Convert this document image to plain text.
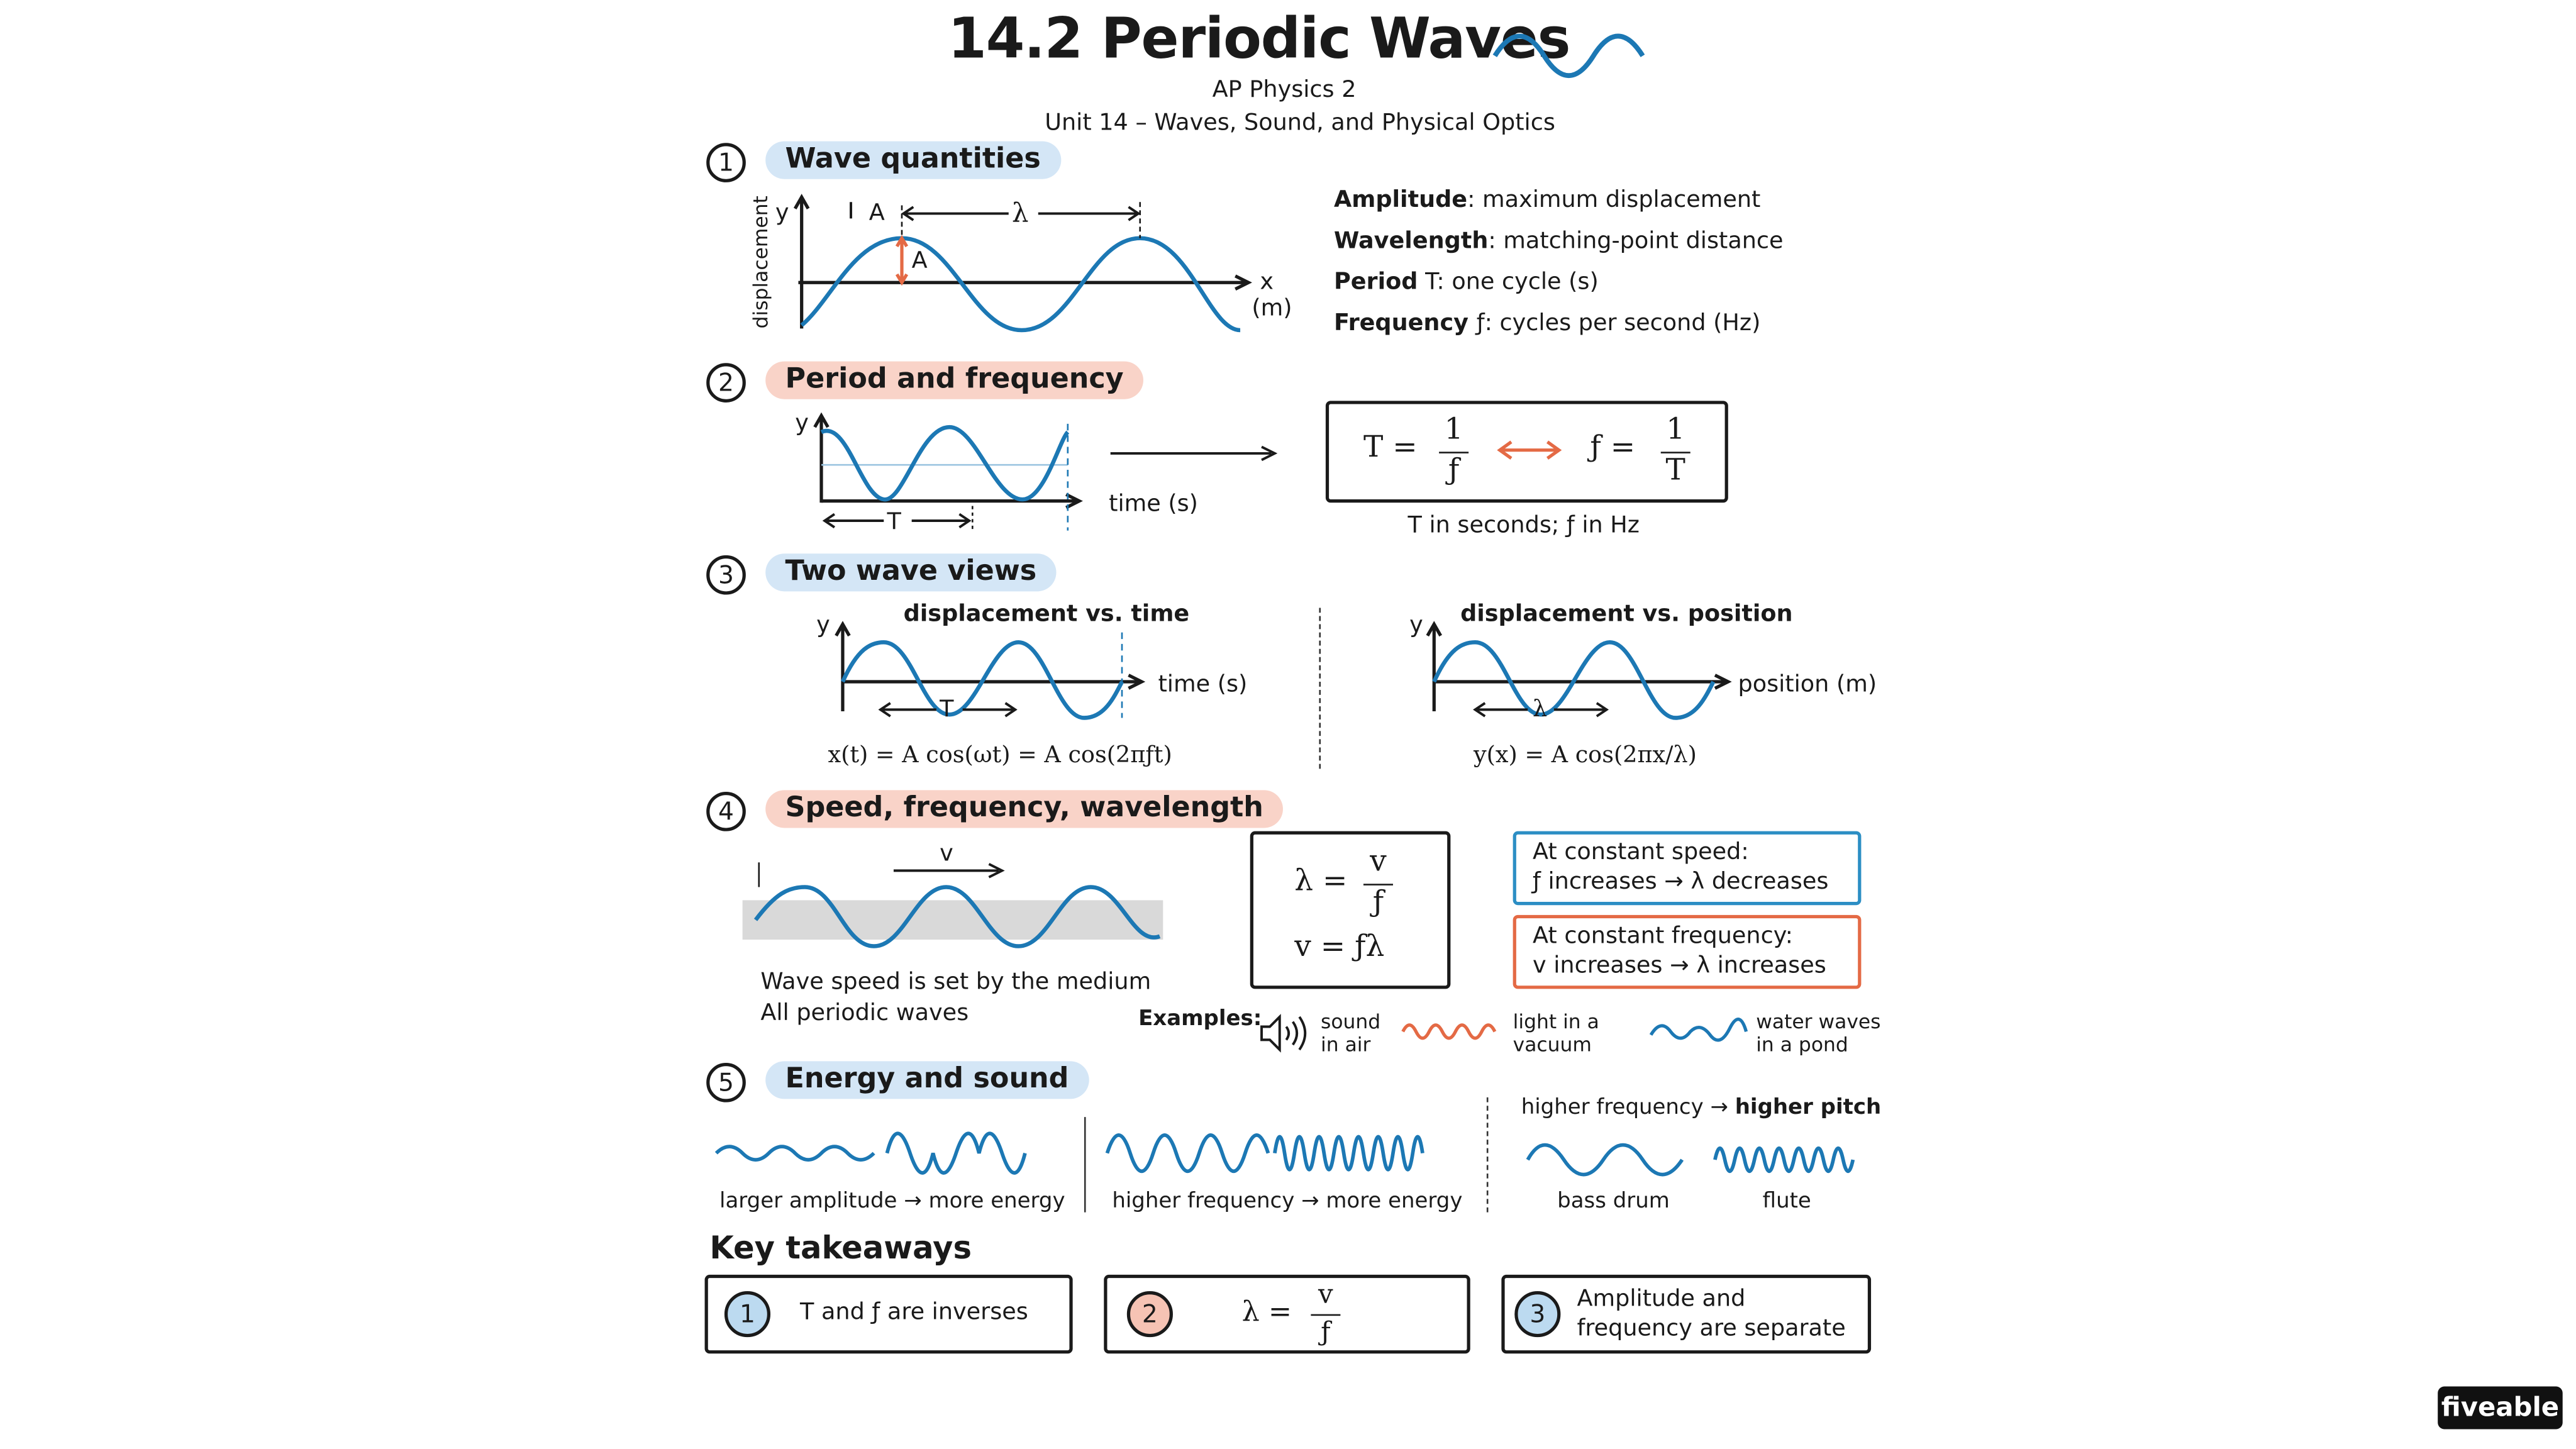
14.2 Periodic Waves
AP Physics 2
Unit 14 – Waves, Sound, and Physical Optics
1	Wave quantities
displacement y	A
A
λ
x
(m)
Amplitude: maximum displacement
Wavelength: matching-point distance
Period T: one cycle (s)
Frequency ƒ: cycles per second (Hz)
2	Period and frequency
y
T
time (s)
T =
1
ƒ
ƒ =
1
T
T in seconds; ƒ in Hz
3	Two wave views
displacement vs. time
y
T
time (s)
x(t) = A cos(ωt) = A cos(2πƒt)
displacement vs. position
y
λ
position (m)
y(x) = A cos(2πx/λ)
4	Speed, frequency, wavelength
v
Wave speed is set by the medium
All periodic waves
λ =
v
ƒ
v = ƒλ
At constant speed:
ƒ increases → λ decreases
At constant frequency:
v increases → λ increases
Examples:	sound in air
light in a vacuum
water waves in a pond
5	Energy and sound
larger amplitude → more energy	higher frequency → more energy
higher frequency → higher pitch
bass drum	flute
Key takeaways
1	T and ƒ are inverses	2	λ =
v
ƒ
3	Amplitude and frequency are separate
fiveable
